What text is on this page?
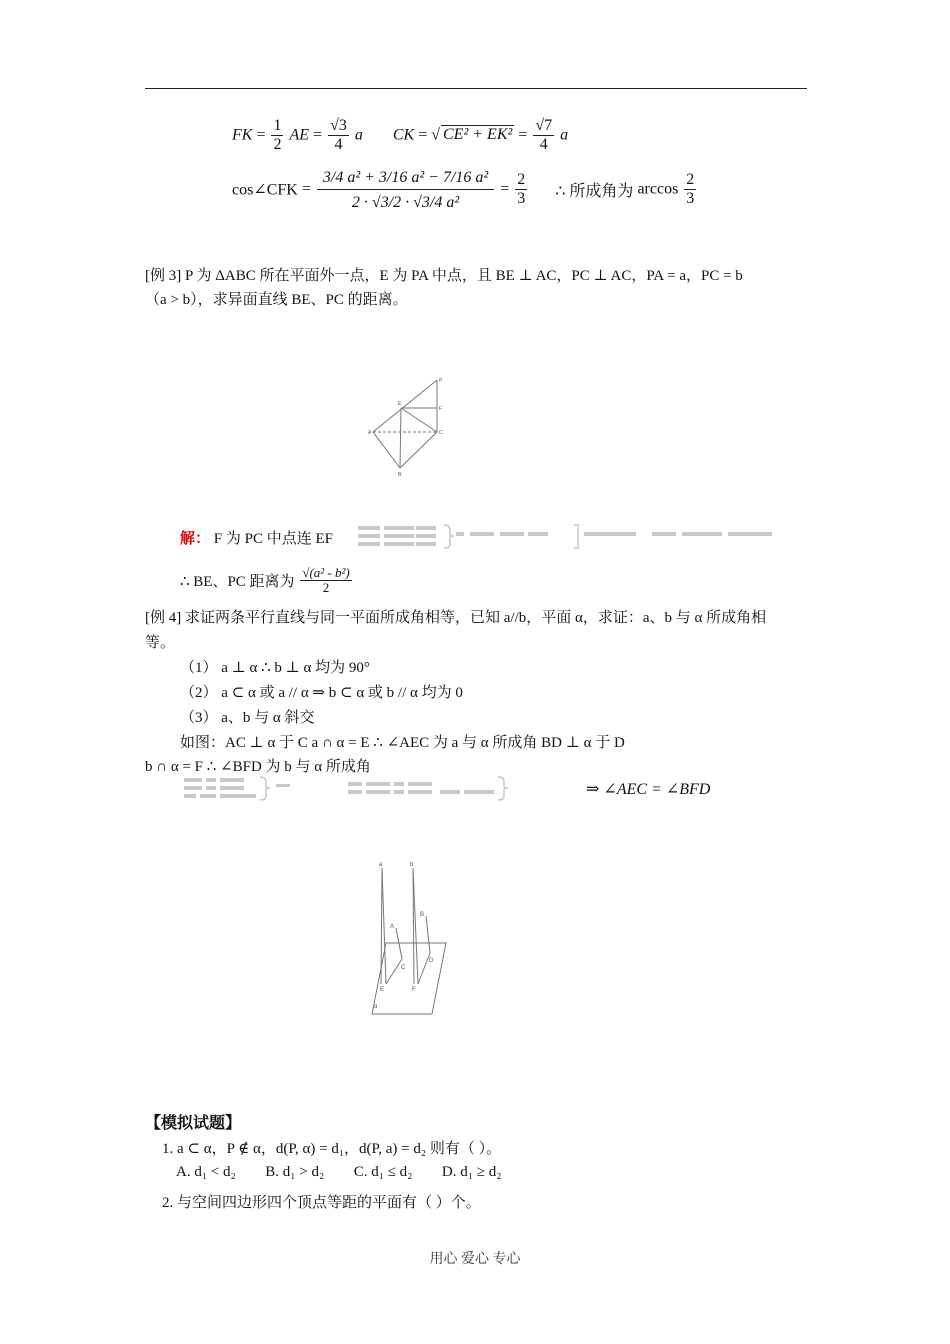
FK = $\frac{1}{2}$ AE = $\frac{√3}{4}$ a CK = √ $CE^2 + EK^2 = \frac{√7}{4}$ a
cos∠CFK = $\frac{\text{3/4 a² + 3/16 a² − 7/16 a²}}{\text{2 · √3/2 · √3/4 a²}} = \frac{2}{3}$ ∴ 所成角为 $\arccos \frac{2}{3}$
[例 3] P 为 ΔABC 所在平面外一点，E 为 PA 中点，且 BE ⊥ AC，PC ⊥ AC，PA = a，PC = b
（a > b），求异面直线 BE、PC 的距离。
P
E
F
A	C
B
解： F 为 PC 中点连 EF
∴ BE、PC 距离为 $\frac{\text{√(a² - b²)}}{2}$
[例 4] 求证两条平行直线与同一平面所成角相等，已知 a//b，平面 α，求证：a、b 与 α 所成角相
等。
（1） a ⊥ α ∴ b ⊥ α 均为 90°
（2） a ⊂ α 或 a // α ⇒ b ⊂ α 或 b // α 均为 0
（3） a、b 与 α 斜交
如图：AC ⊥ α 于 C a ∩ α = E ∴ ∠AEC 为 a 与 α 所成角 BD ⊥ α 于 D
b ∩ α = F ∴ ∠BFD 为 b 与 α 所成角
⇒ ∠AEC = ∠BFD
a	b
A
B
C
D
E	F
α
【模拟试题】
1. a ⊂ α，P ∉ α，d(P, α) = d₁，d(P, a) = d₂ 则有（ ）。
A. d₁ < d₂ B. d₁ > d₂ C. d₁ ≤ d₂ D. d₁ ≥ d₂
2. 与空间四边形四个顶点等距的平面有（ ）个。
用心 爱心 专心
